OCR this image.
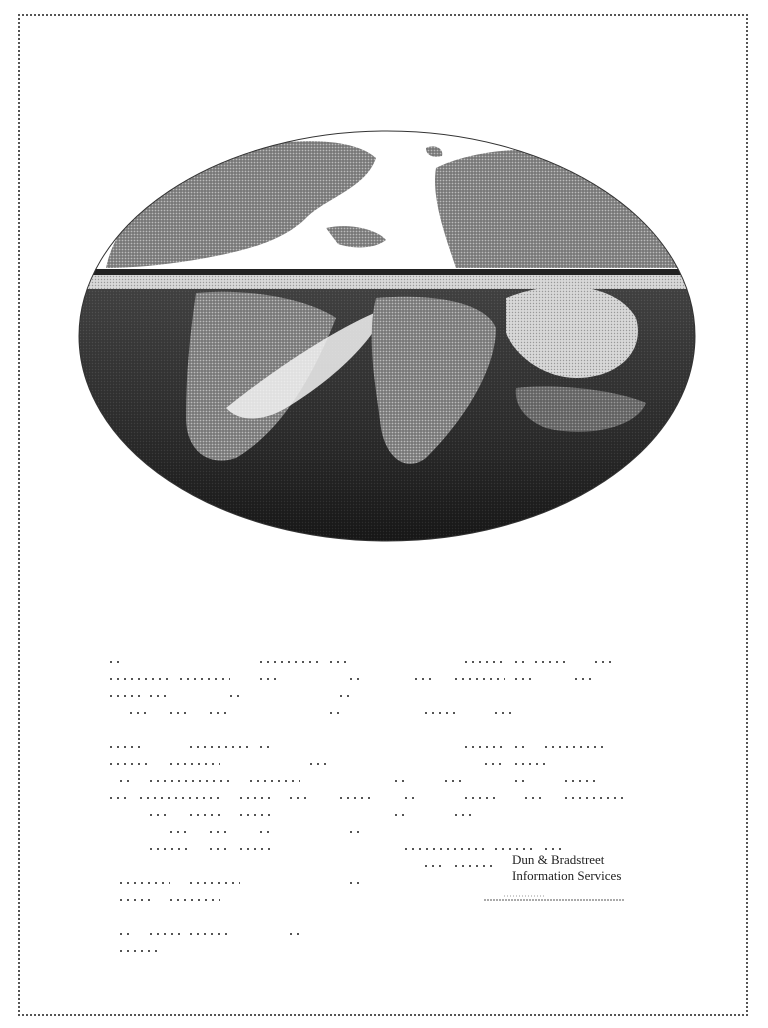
Dun & Bradstreet
Information Services
